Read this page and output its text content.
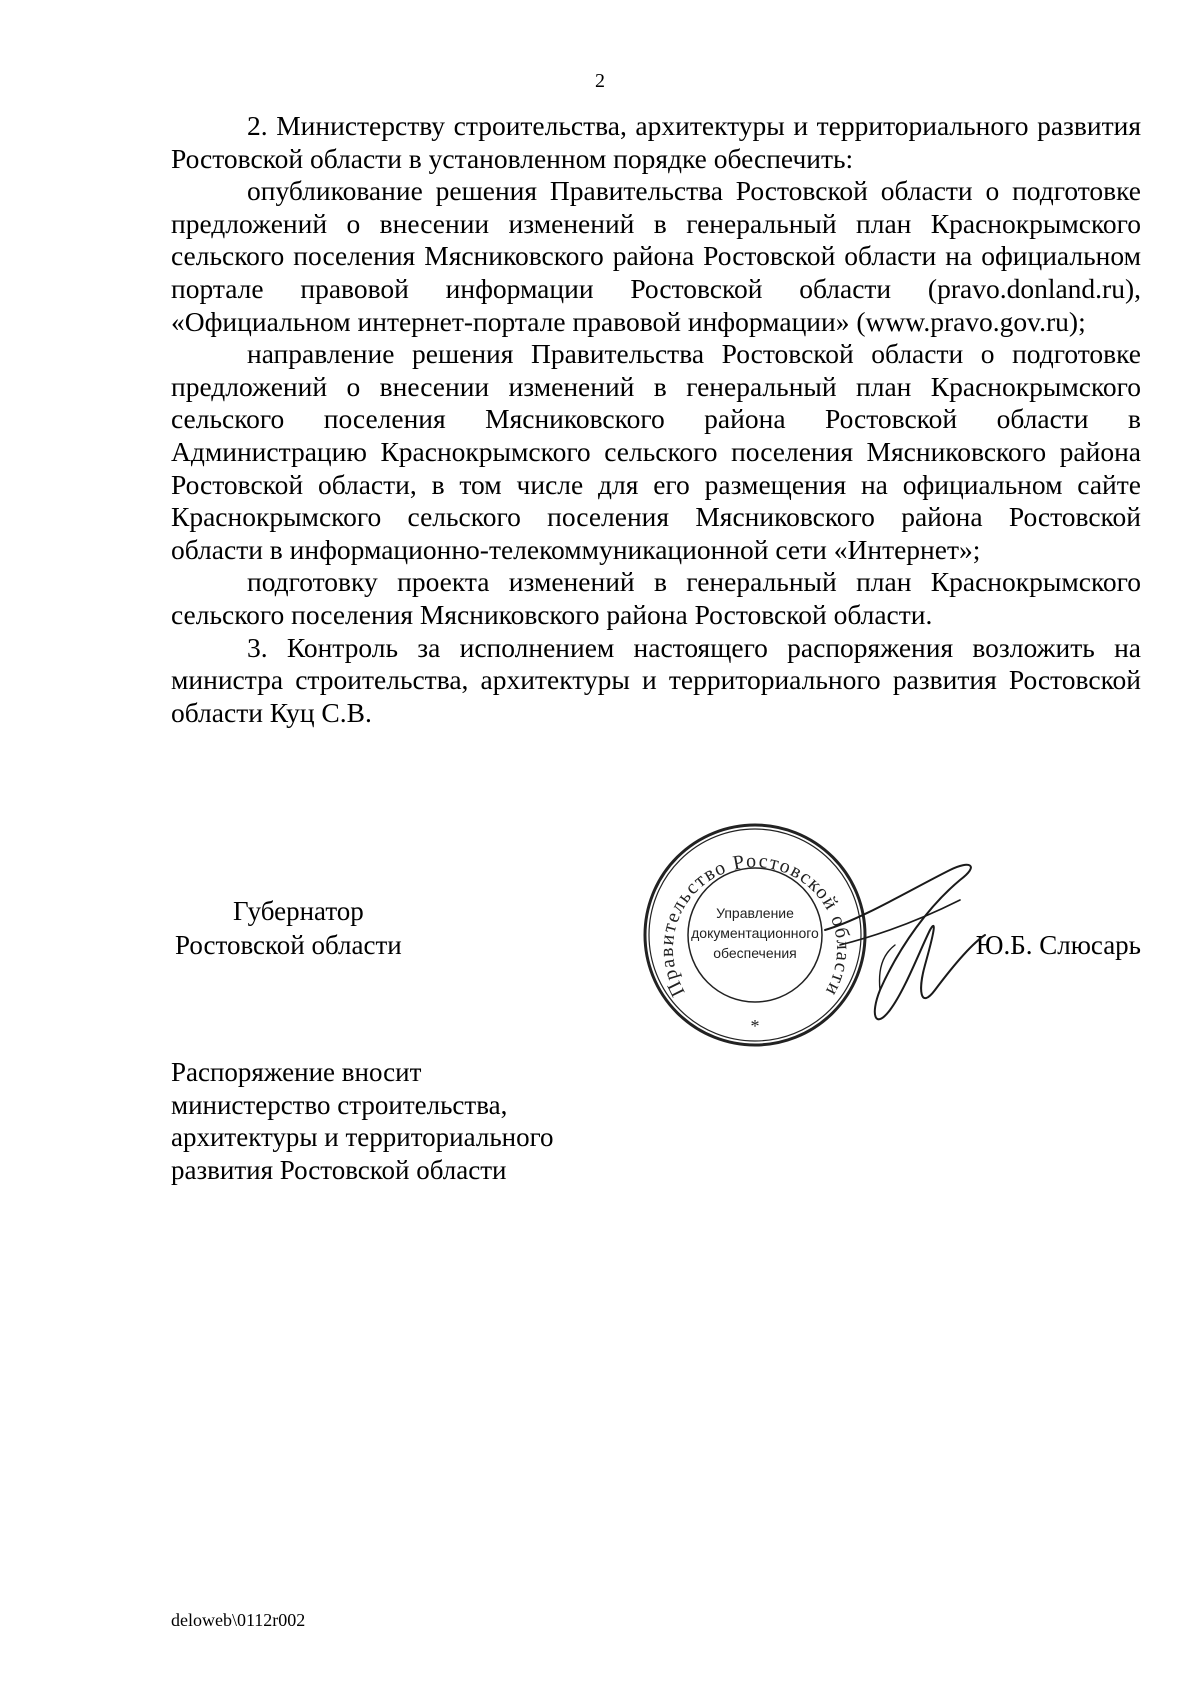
2

2. Министерству строительства, архитектуры и территориального развития Ростовской области в установленном порядке обеспечить:

опубликование решения Правительства Ростовской области о подготовке предложений о внесении изменений в генеральный план Краснокрымского сельского поселения Мясниковского района Ростовской области на официальном портале правовой информации Ростовской области (pravo.donland.ru), «Официальном интернет-портале правовой информации» (www.pravo.gov.ru);

направление решения Правительства Ростовской области о подготовке предложений о внесении изменений в генеральный план Краснокрымского сельского поселения Мясниковского района Ростовской области в Администрацию Краснокрымского сельского поселения Мясниковского района Ростовской области, в том числе для его размещения на официальном сайте Краснокрымского сельского поселения Мясниковского района Ростовской области в информационно-телекоммуникационной сети «Интернет»;

подготовку проекта изменений в генеральный план Краснокрымского сельского поселения Мясниковского района Ростовской области.

3. Контроль за исполнением настоящего распоряжения возложить на министра строительства, архитектуры и территориального развития Ростовской области Куц С.В.

Губернатор
Ростовской области	Ю.Б. Слюсарь
Правительство Ростовской области
Управление
документационного
обеспечения
*
Распоряжение вносит
министерство строительства,
архитектуры и территориального
развития Ростовской области
deloweb\0112r002
